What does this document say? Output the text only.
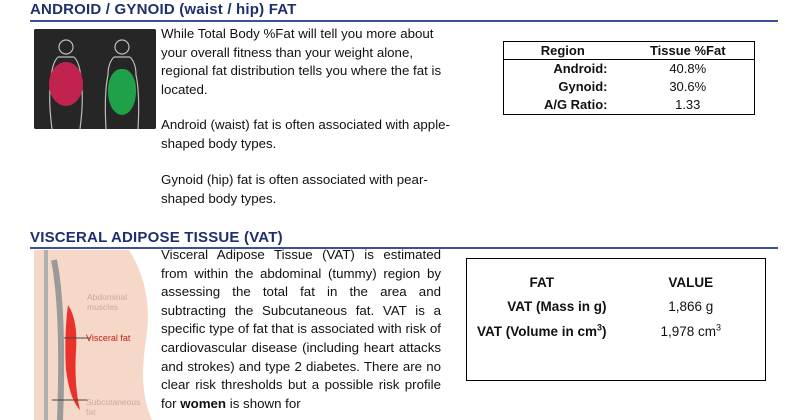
ANDROID / GYNOID (waist / hip) FAT
While Total Body %Fat will tell you more about your overall fitness than your weight alone, regional fat distribution tells you where the fat is located.
Android (waist) fat is often associated with apple-shaped body types.
Gynoid (hip) fat is often associated with pear-shaped body types.
Region	Tissue %Fat
Android:	40.8%
Gynoid:	30.6%
A/G Ratio:	1.33
VISCERAL ADIPOSE TISSUE (VAT)
Abdominal muscles
Visceral fat
Subcutaneous fat
Visceral Adipose Tissue (VAT) is estimated from within the abdominal (tummy) region by assessing the total fat in the area and subtracting the Subcutaneous fat. VAT is a specific type of fat that is associated with risk of cardiovascular disease (including heart attacks and strokes) and type 2 diabetes. There are no clear risk thresholds but a possible risk profile for women is shown for
FAT	VALUE
VAT (Mass in g)	1,866 g
VAT (Volume in $cm^3$)	1,978 $cm^3$
